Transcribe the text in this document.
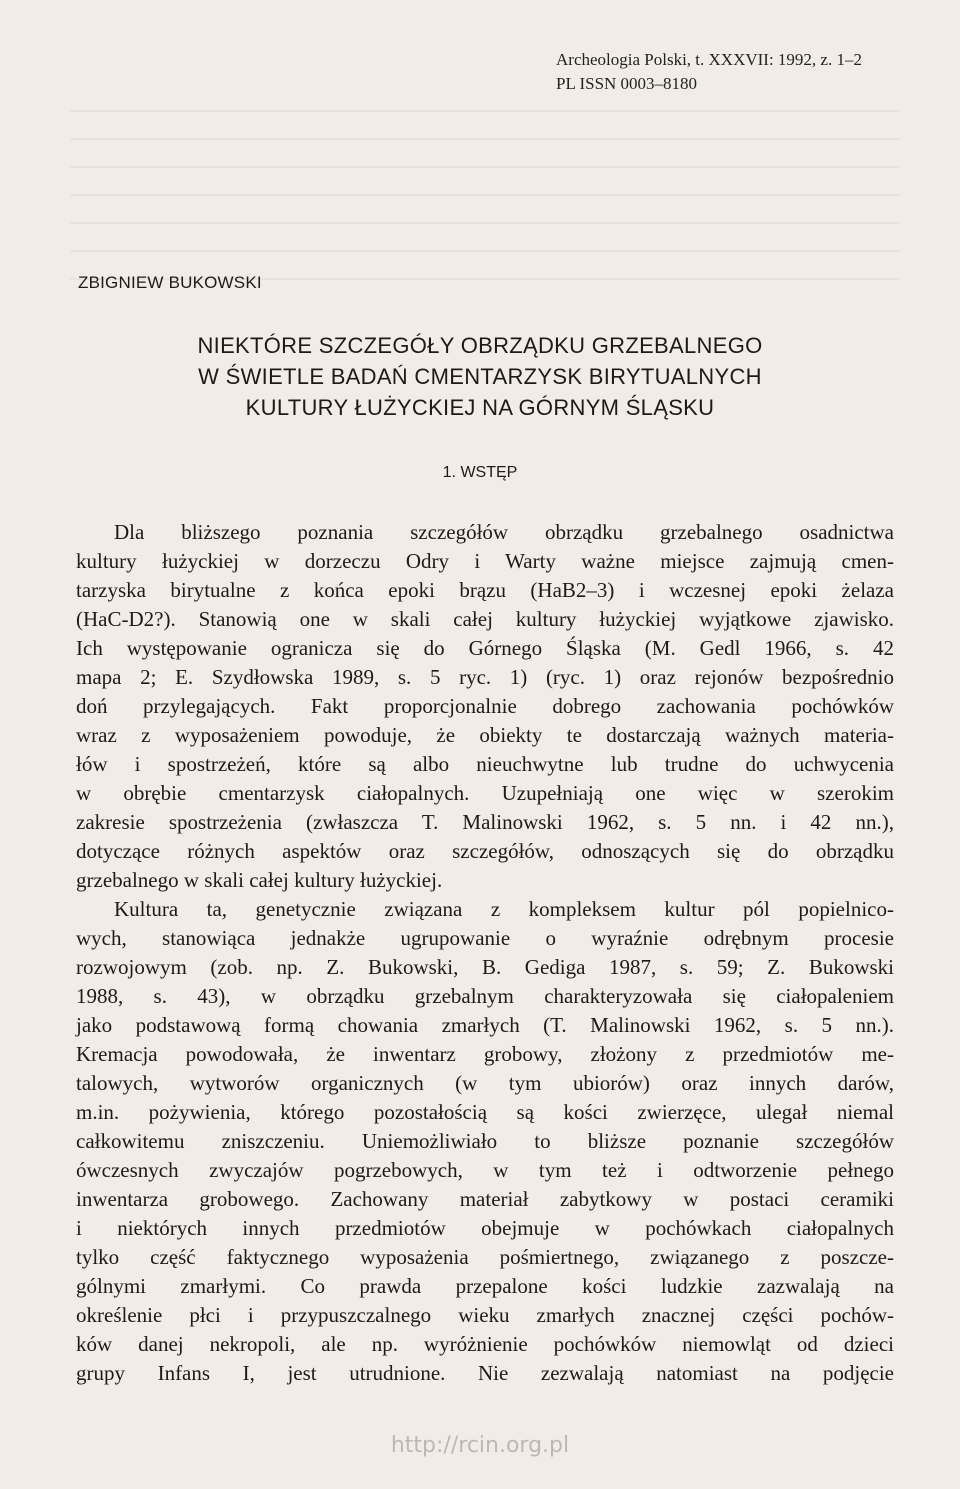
Archeologia Polski, t. XXXVII: 1992, z. 1–2
PL ISSN 0003–8180
ZBIGNIEW BUKOWSKI
NIEKTÓRE SZCZEGÓŁY OBRZĄDKU GRZEBALNEGO
W ŚWIETLE BADAŃ CMENTARZYSK BIRYTUALNYCH
KULTURY ŁUŻYCKIEJ NA GÓRNYM ŚLĄSKU
1. WSTĘP
Dla bliższego poznania szczegółów obrządku grzebalnego osadnictwa
kultury łużyckiej w dorzeczu Odry i Warty ważne miejsce zajmują cmen-
tarzyska birytualne z końca epoki brązu (HaB2–3) i wczesnej epoki żelaza
(HaC-D2?). Stanowią one w skali całej kultury łużyckiej wyjątkowe zjawisko.
Ich występowanie ogranicza się do Górnego Śląska (M. Gedl 1966, s. 42
mapa 2; E. Szydłowska 1989, s. 5 ryc. 1) (ryc. 1) oraz rejonów bezpośrednio
doń przylegających. Fakt proporcjonalnie dobrego zachowania pochówków
wraz z wyposażeniem powoduje, że obiekty te dostarczają ważnych materia-
łów i spostrzeżeń, które są albo nieuchwytne lub trudne do uchwycenia
w obrębie cmentarzysk ciałopalnych. Uzupełniają one więc w szerokim
zakresie spostrzeżenia (zwłaszcza T. Malinowski 1962, s. 5 nn. i 42 nn.),
dotyczące różnych aspektów oraz szczegółów, odnoszących się do obrządku
grzebalnego w skali całej kultury łużyckiej.
Kultura ta, genetycznie związana z kompleksem kultur pól popielnico-
wych, stanowiąca jednakże ugrupowanie o wyraźnie odrębnym procesie
rozwojowym (zob. np. Z. Bukowski, B. Gediga 1987, s. 59; Z. Bukowski
1988, s. 43), w obrządku grzebalnym charakteryzowała się ciałopaleniem
jako podstawową formą chowania zmarłych (T. Malinowski 1962, s. 5 nn.).
Kremacja powodowała, że inwentarz grobowy, złożony z przedmiotów me-
talowych, wytworów organicznych (w tym ubiorów) oraz innych darów,
m.in. pożywienia, którego pozostałością są kości zwierzęce, ulegał niemal
całkowitemu zniszczeniu. Uniemożliwiało to bliższe poznanie szczegółów
ówczesnych zwyczajów pogrzebowych, w tym też i odtworzenie pełnego
inwentarza grobowego. Zachowany materiał zabytkowy w postaci ceramiki
i niektórych innych przedmiotów obejmuje w pochówkach ciałopalnych
tylko część faktycznego wyposażenia pośmiertnego, związanego z poszcze-
gólnymi zmarłymi. Co prawda przepalone kości ludzkie zazwalają na
określenie płci i przypuszczalnego wieku zmarłych znacznej części pochów-
ków danej nekropoli, ale np. wyróżnienie pochówków niemowląt od dzieci
grupy Infans I, jest utrudnione. Nie zezwalają natomiast na podjęcie
http://rcin.org.pl
